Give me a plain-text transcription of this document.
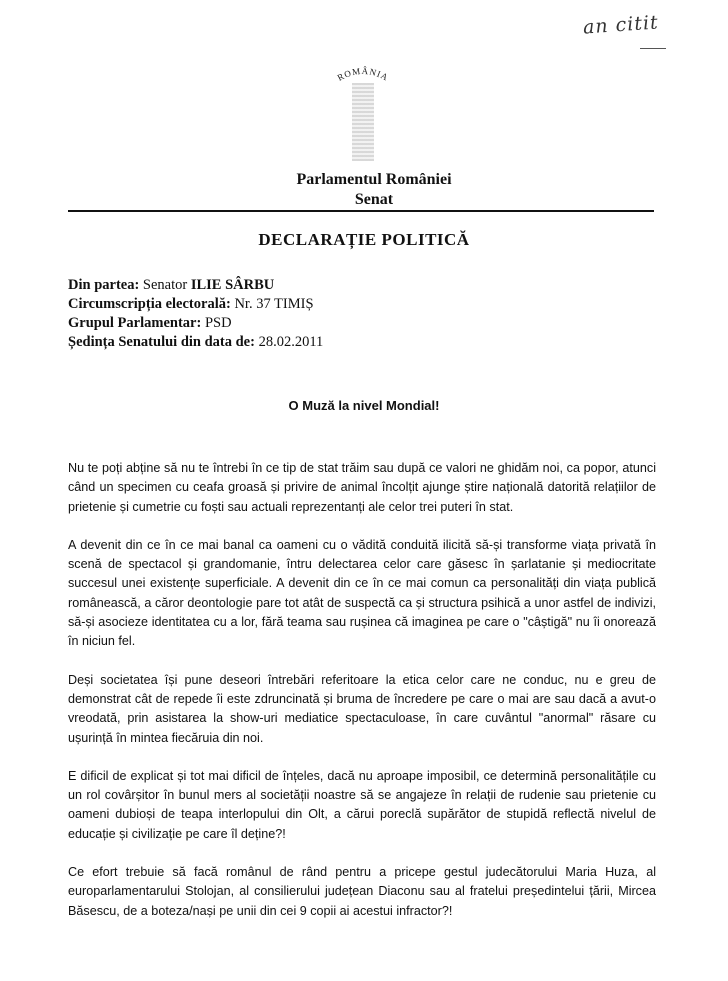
an citit
ROMÂNIA
Parlamentul României
Senat
DECLARAȚIE POLITICĂ
Din partea: Senator ILIE SÂRBU
Circumscripția electorală: Nr. 37 TIMIȘ
Grupul Parlamentar: PSD
Ședința Senatului din data de: 28.02.2011
O Muză la nivel Mondial!

Nu te poți abține să nu te întrebi în ce tip de stat trăim sau după ce valori ne ghidăm noi, ca popor, atunci când un specimen cu ceafa groasă și privire de animal încolțit ajunge știre națională datorită relațiilor de prietenie și cumetrie cu foști sau actuali reprezentanți ale celor trei puteri în stat.

A devenit din ce în ce mai banal ca oameni cu o vădită conduită ilicită să-și transforme viața privată în scenă de spectacol și grandomanie, întru delectarea celor care găsesc în șarlatanie și mediocritate succesul unei existențe superficiale. A devenit din ce în ce mai comun ca personalități din viața publică românească, a căror deontologie pare tot atât de suspectă ca și structura psihică a unor astfel de indivizi, să-și asocieze identitatea cu a lor, fără teama sau rușinea că imaginea pe care o "câștigă" nu îi onorează în niciun fel.

Deși societatea își pune deseori întrebări referitoare la etica celor care ne conduc, nu e greu de demonstrat cât de repede îi este zdruncinată și bruma de încredere pe care o mai are sau dacă a avut-o vreodată, prin asistarea la show-uri mediatice spectaculoase, în care cuvântul "anormal" răsare cu ușurință în mintea fiecăruia din noi.

E dificil de explicat și tot mai dificil de înțeles, dacă nu aproape imposibil, ce determină personalitățile cu un rol covârșitor în bunul mers al societății noastre să se angajeze în relații de rudenie sau prietenie cu oameni dubioși de teapa interlopului din Olt, a cărui poreclă supărător de stupidă reflectă nivelul de educație și civilizație pe care îl deține?!

Ce efort trebuie să facă românul de rând pentru a pricepe gestul judecătorului Maria Huza, al europarlamentarului Stolojan, al consilierului județean Diaconu sau al fratelui președintelui țării, Mircea Băsescu, de a boteza/nași pe unii din cei 9 copii ai acestui infractor?!
